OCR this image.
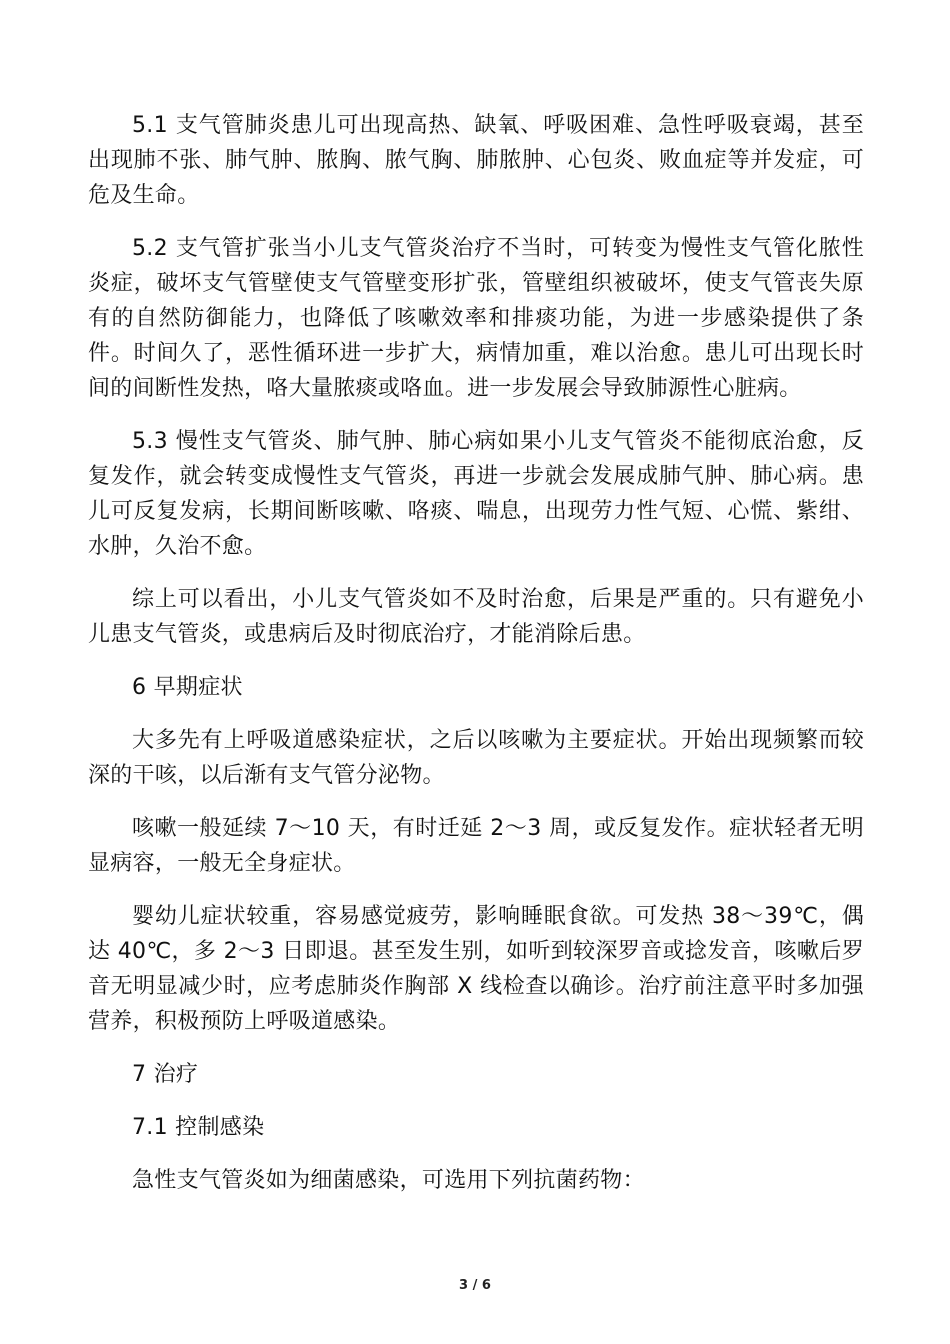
5.1 支气管肺炎患儿可出现高热、缺氧、呼吸困难、急性呼吸衰竭，甚至出现肺不张、肺气肿、脓胸、脓气胸、肺脓肿、心包炎、败血症等并发症，可危及生命。

5.2 支气管扩张当小儿支气管炎治疗不当时，可转变为慢性支气管化脓性炎症，破坏支气管壁使支气管壁变形扩张，管壁组织被破坏，使支气管丧失原有的自然防御能力，也降低了咳嗽效率和排痰功能，为进一步感染提供了条件。时间久了，恶性循环进一步扩大，病情加重，难以治愈。患儿可出现长时间的间断性发热，咯大量脓痰或咯血。进一步发展会导致肺源性心脏病。

5.3 慢性支气管炎、肺气肿、肺心病如果小儿支气管炎不能彻底治愈，反复发作，就会转变成慢性支气管炎，再进一步就会发展成肺气肿、肺心病。患儿可反复发病，长期间断咳嗽、咯痰、喘息，出现劳力性气短、心慌、紫绀、水肿，久治不愈。

综上可以看出，小儿支气管炎如不及时治愈，后果是严重的。只有避免小儿患支气管炎，或患病后及时彻底治疗，才能消除后患。

6 早期症状

大多先有上呼吸道感染症状，之后以咳嗽为主要症状。开始出现频繁而较深的干咳，以后渐有支气管分泌物。

咳嗽一般延续 7～10 天，有时迁延 2～3 周，或反复发作。症状轻者无明显病容，一般无全身症状。

婴幼儿症状较重，容易感觉疲劳，影响睡眠食欲。可发热 38～39℃，偶达 40℃，多 2～3 日即退。甚至发生别，如听到较深罗音或捻发音，咳嗽后罗音无明显减少时，应考虑肺炎作胸部 X 线检查以确诊。治疗前注意平时多加强营养，积极预防上呼吸道感染。

7 治疗

7.1 控制感染

急性支气管炎如为细菌感染，可选用下列抗菌药物：

3 / 6
